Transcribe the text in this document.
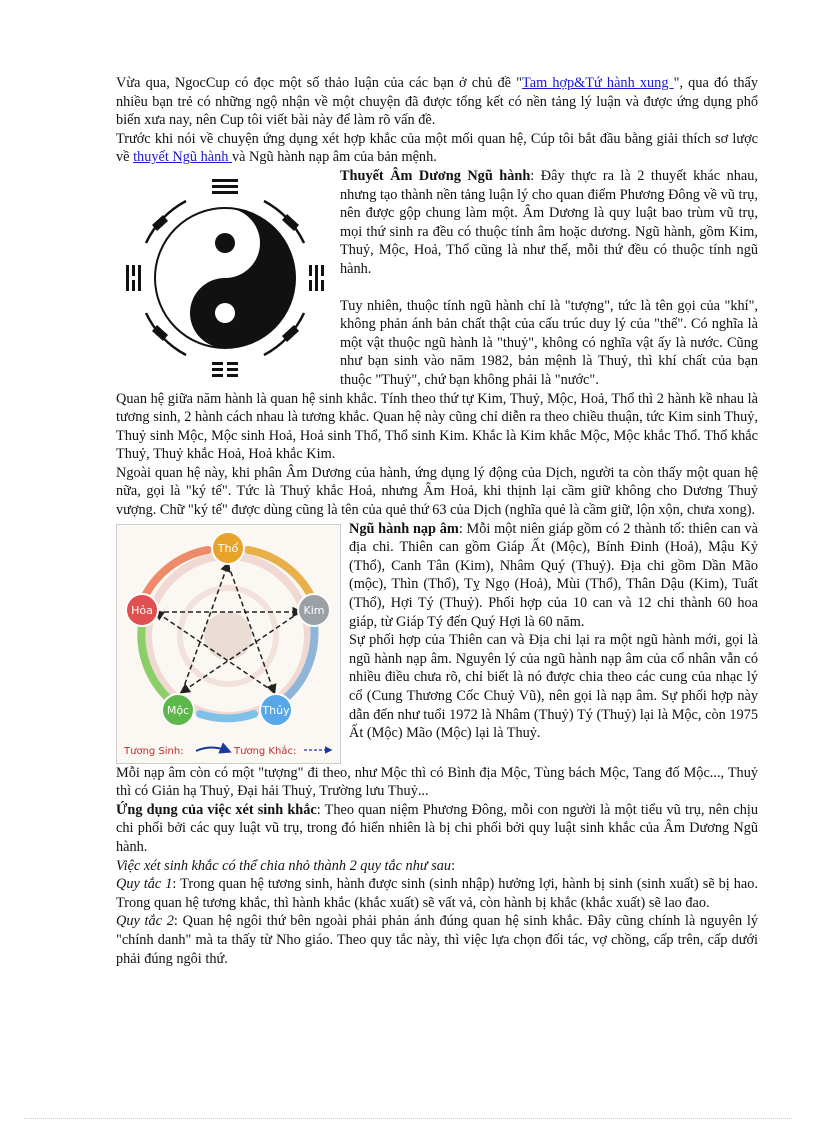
Vừa qua, NgocCup có đọc một số thảo luận của các bạn ở chủ đề "Tam hợp&Tứ hành xung ", qua đó thấy nhiều bạn trẻ có những ngộ nhận về một chuyện đã được tổng kết có nền tảng lý luận và được ứng dụng phổ biến xưa nay, nên Cup tôi viết bài này để làm rõ vấn đề.

Trước khi nói về chuyện ứng dụng xét hợp khắc của một mối quan hệ, Cúp tôi bắt đầu bằng giải thích sơ lược về thuyết Ngũ hành và Ngũ hành nạp âm của bản mệnh.

Thuyết Âm Dương Ngũ hành: Đây thực ra là 2 thuyết khác nhau, nhưng tạo thành nền tảng luận lý cho quan điểm Phương Đông về vũ trụ, nên được gộp chung làm một. Âm Dương là quy luật bao trùm vũ trụ, mọi thứ sinh ra đều có thuộc tính âm hoặc dương. Ngũ hành, gồm Kim, Thuỷ, Mộc, Hoả, Thổ cũng là như thế, mỗi thứ đều có thuộc tính ngũ hành.

Tuy nhiên, thuộc tính ngũ hành chỉ là "tượng", tức là tên gọi của "khí", không phản ánh bản chất thật của cấu trúc duy lý của "thể". Có nghĩa là một vật thuộc ngũ hành là "thuỷ", không có nghĩa vật ấy là nước. Cũng như bạn sinh vào năm 1982, bản mệnh là Thuỷ, thì khí chất của bạn thuộc "Thuỷ", chứ bạn không phải là "nước".

Quan hệ giữa năm hành là quan hệ sinh khắc. Tính theo thứ tự Kim, Thuỷ, Mộc, Hoả, Thổ thì 2 hành kề nhau là tương sinh, 2 hành cách nhau là tương khắc. Quan hệ này cũng chỉ diễn ra theo chiều thuận, tức Kim sinh Thuỷ, Thuỷ sinh Mộc, Mộc sinh Hoả, Hoả sinh Thổ, Thổ sinh Kim. Khắc là Kim khắc Mộc, Mộc khắc Thổ. Thổ khắc Thuỷ, Thuỷ khắc Hoả, Hoả khắc Kim.

Ngoài quan hệ này, khi phân Âm Dương của hành, ứng dụng lý động của Dịch, người ta còn thấy một quan hệ nữa, gọi là "ký tế". Tức là Thuỷ khắc Hoả, nhưng Âm Hoả, khi thịnh lại cầm giữ không cho Dương Thuỷ vượng. Chữ "ký tế" được dùng cũng là tên của quẻ thứ 63 của Dịch (nghĩa quẻ là cầm giữ, lộn xộn, chưa xong).

Thổ
Kim
Thủy
Mộc
Hỏa
Tương Sinh:	Tương Khắc:

Ngũ hành nạp âm: Mỗi một niên giáp gồm có 2 thành tố: thiên can và địa chi. Thiên can gồm Giáp Ất (Mộc), Bính Đinh (Hoả), Mậu Kỷ (Thổ), Canh Tân (Kim), Nhâm Quý (Thuỷ). Địa chi gồm Dần Mão (mộc), Thìn (Thổ), Tỵ Ngọ (Hoả), Mùi (Thổ), Thân Dậu (Kim), Tuất (Thổ), Hợi Tý (Thuỷ). Phối hợp của 10 can và 12 chi thành 60 hoa giáp, từ Giáp Tý đến Quý Hợi là 60 năm.

Sự phối hợp của Thiên can và Địa chi lại ra một ngũ hành mới, gọi là ngũ hành nạp âm. Nguyên lý của ngũ hành nạp âm của cổ nhân vẫn có nhiều điều chưa rõ, chỉ biết là nó được chia theo các cung của nhạc lý cổ (Cung Thương Cốc Chuỷ Vũ), nên gọi là nạp âm. Sự phối hợp này dẫn đến như tuổi 1972 là Nhâm (Thuỷ) Tý (Thuỷ) lại là Mộc, còn 1975 Ất (Mộc) Mão (Mộc) lại là Thuỷ.

Mỗi nạp âm còn có một "tượng" đi theo, như Mộc thì có Bình địa Mộc, Tùng bách Mộc, Tang đố Mộc..., Thuỷ thì có Giản hạ Thuỷ, Đại hải Thuỷ, Trường lưu Thuỷ...

Ứng dụng của việc xét sinh khắc: Theo quan niệm Phương Đông, mỗi con người là một tiểu vũ trụ, nên chịu chi phối bởi các quy luật vũ trụ, trong đó hiển nhiên là bị chi phối bởi quy luật sinh khắc của Âm Dương Ngũ hành.

Việc xét sinh khắc có thể chia nhỏ thành 2 quy tắc như sau:

Quy tắc 1: Trong quan hệ tương sinh, hành được sinh (sinh nhập) hưởng lợi, hành bị sinh (sinh xuất) sẽ bị hao. Trong quan hệ tương khắc, thì hành khắc (khắc xuất) sẽ vất vả, còn hành bị khắc (khắc xuất) sẽ lao đao.

Quy tắc 2: Quan hệ ngôi thứ bên ngoài phải phản ánh đúng quan hệ sinh khắc. Đây cũng chính là nguyên lý "chính danh" mà ta thấy từ Nho giáo. Theo quy tắc này, thì việc lựa chọn đối tác, vợ chồng, cấp trên, cấp dưới phải đúng ngôi thứ.
